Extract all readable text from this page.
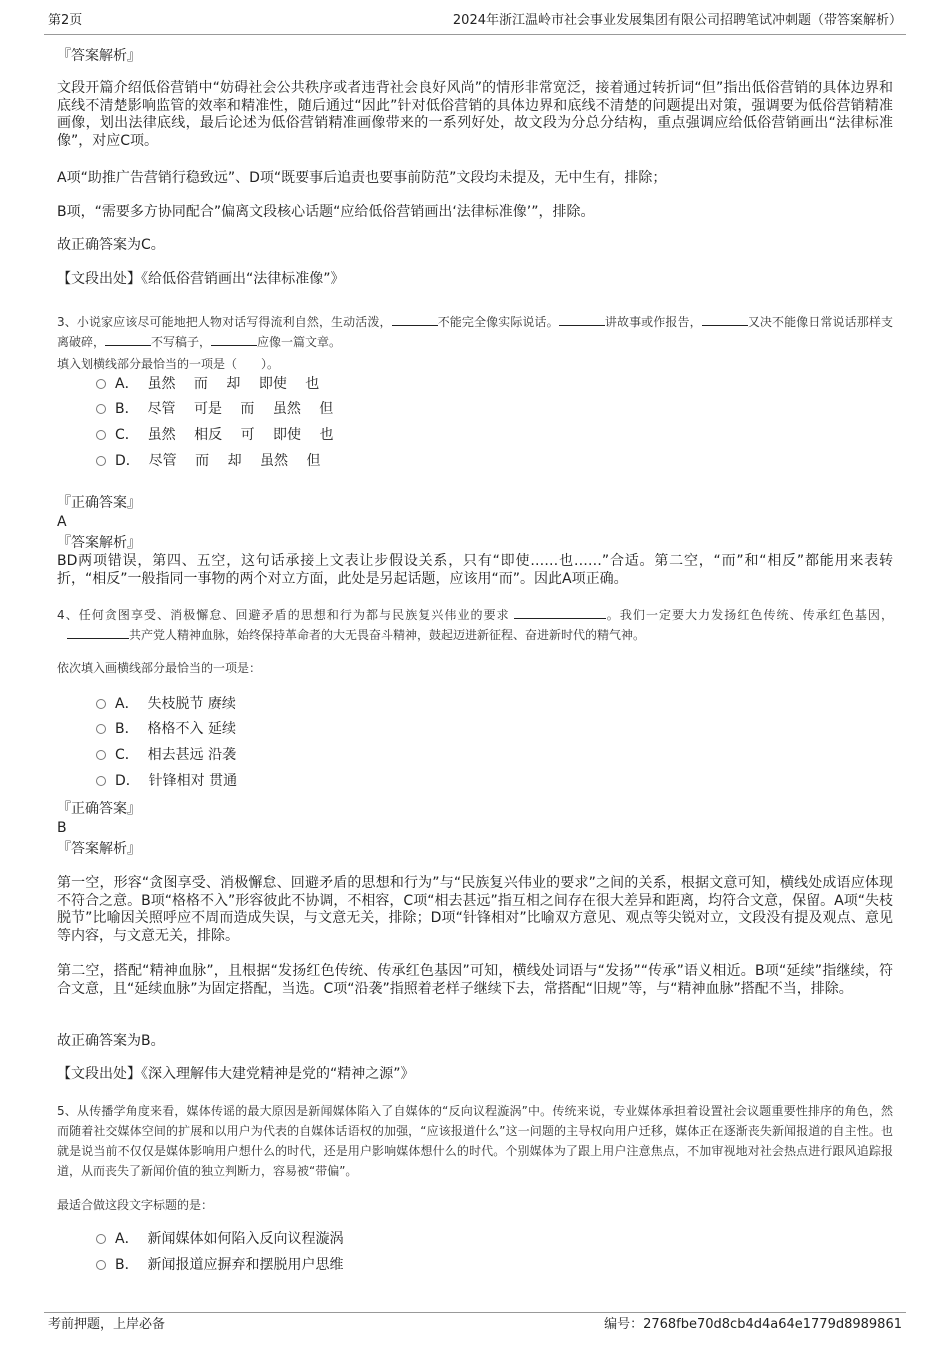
第2页	2024年浙江温岭市社会事业发展集团有限公司招聘笔试冲刺题（带答案解析）
『答案解析』
文段开篇介绍低俗营销中“妨碍社会公共秩序或者违背社会良好风尚”的情形非常宽泛，接着通过转折词“但”指出低俗营销的具体边界和底线不清楚影响监管的效率和精准性，随后通过“因此”针对低俗营销的具体边界和底线不清楚的问题提出对策，强调要为低俗营销精准画像，划出法律底线，最后论述为低俗营销精准画像带来的一系列好处，故文段为分总分结构，重点强调应给低俗营销画出“法律标准像”，对应C项。
A项“助推广告营销行稳致远”、D项“既要事后追责也要事前防范”文段均未提及，无中生有，排除；
B项，“需要多方协同配合”偏离文段核心话题“应给低俗营销画出‘法律标准像’”，排除。
故正确答案为C。
【文段出处】《给低俗营销画出“法律标准像”》
3、小说家应该尽可能地把人物对话写得流利自然，生动活泼，	不能完全像实际说话。	讲故事或作报告，	又决不能像日常说话那样支离破碎，	不写稿子，	应像一篇文章。
填入划横线部分最恰当的一项是（　　）。
A．  虽然　 而　 却　 即使　 也
B．  尽管　 可是　 而　 虽然　 但
C．  虽然　 相反　 可　 即使　 也
D．  尽管　 而　 却　 虽然　 但
『正确答案』
A
『答案解析』
BD两项错误，第四、五空，这句话承接上文表让步假设关系，只有“即使……也……”合适。第二空，“而”和“相反”都能用来表转折，“相反”一般指同一事物的两个对立方面，此处是另起话题，应该用“而”。因此A项正确。
4、任何贪图享受、消极懈怠、回避矛盾的思想和行为都与民族复兴伟业的要求	。我们一定要大力发扬红色传统、传承红色基因，共产党人精神血脉，始终保持革命者的大无畏奋斗精神，鼓起迈进新征程、奋进新时代的精气神。
依次填入画横线部分最恰当的一项是：
A．  失枝脱节 赓续
B．  格格不入 延续
C．  相去甚远 沿袭
D．  针锋相对 贯通
『正确答案』
B
『答案解析』
第一空，形容“贪图享受、消极懈怠、回避矛盾的思想和行为”与“民族复兴伟业的要求”之间的关系，根据文意可知，横线处成语应体现不符合之意。B项“格格不入”形容彼此不协调，不相容，C项“相去甚远”指互相之间存在很大差异和距离，均符合文意，保留。A项“失枝脱节”比喻因关照呼应不周而造成失误，与文意无关，排除；D项“针锋相对”比喻双方意见、观点等尖锐对立，文段没有提及观点、意见等内容，与文意无关，排除。
第二空，搭配“精神血脉”，且根据“发扬红色传统、传承红色基因”可知，横线处词语与“发扬”“传承”语义相近。B项“延续”指继续，符合文意，且“延续血脉”为固定搭配，当选。C项“沿袭”指照着老样子继续下去，常搭配“旧规”等，与“精神血脉”搭配不当，排除。
故正确答案为B。
【文段出处】《深入理解伟大建党精神是党的“精神之源”》
5、从传播学角度来看，媒体传谣的最大原因是新闻媒体陷入了自媒体的“反向议程漩涡”中。传统来说，专业媒体承担着设置社会议题重要性排序的角色，然而随着社交媒体空间的扩展和以用户为代表的自媒体话语权的加强，“应该报道什么”这一问题的主导权向用户迁移，媒体正在逐渐丧失新闻报道的自主性。也就是说当前不仅仅是媒体影响用户想什么的时代，还是用户影响媒体想什么的时代。个别媒体为了跟上用户注意焦点，不加审视地对社会热点进行跟风追踪报道，从而丧失了新闻价值的独立判断力，容易被“带偏”。
最适合做这段文字标题的是：
A．  新闻媒体如何陷入反向议程漩涡
B．  新闻报道应摒弃和摆脱用户思维
考前押题，上岸必备	编号：2768fbe70d8cb4d4a64e1779d8989861
